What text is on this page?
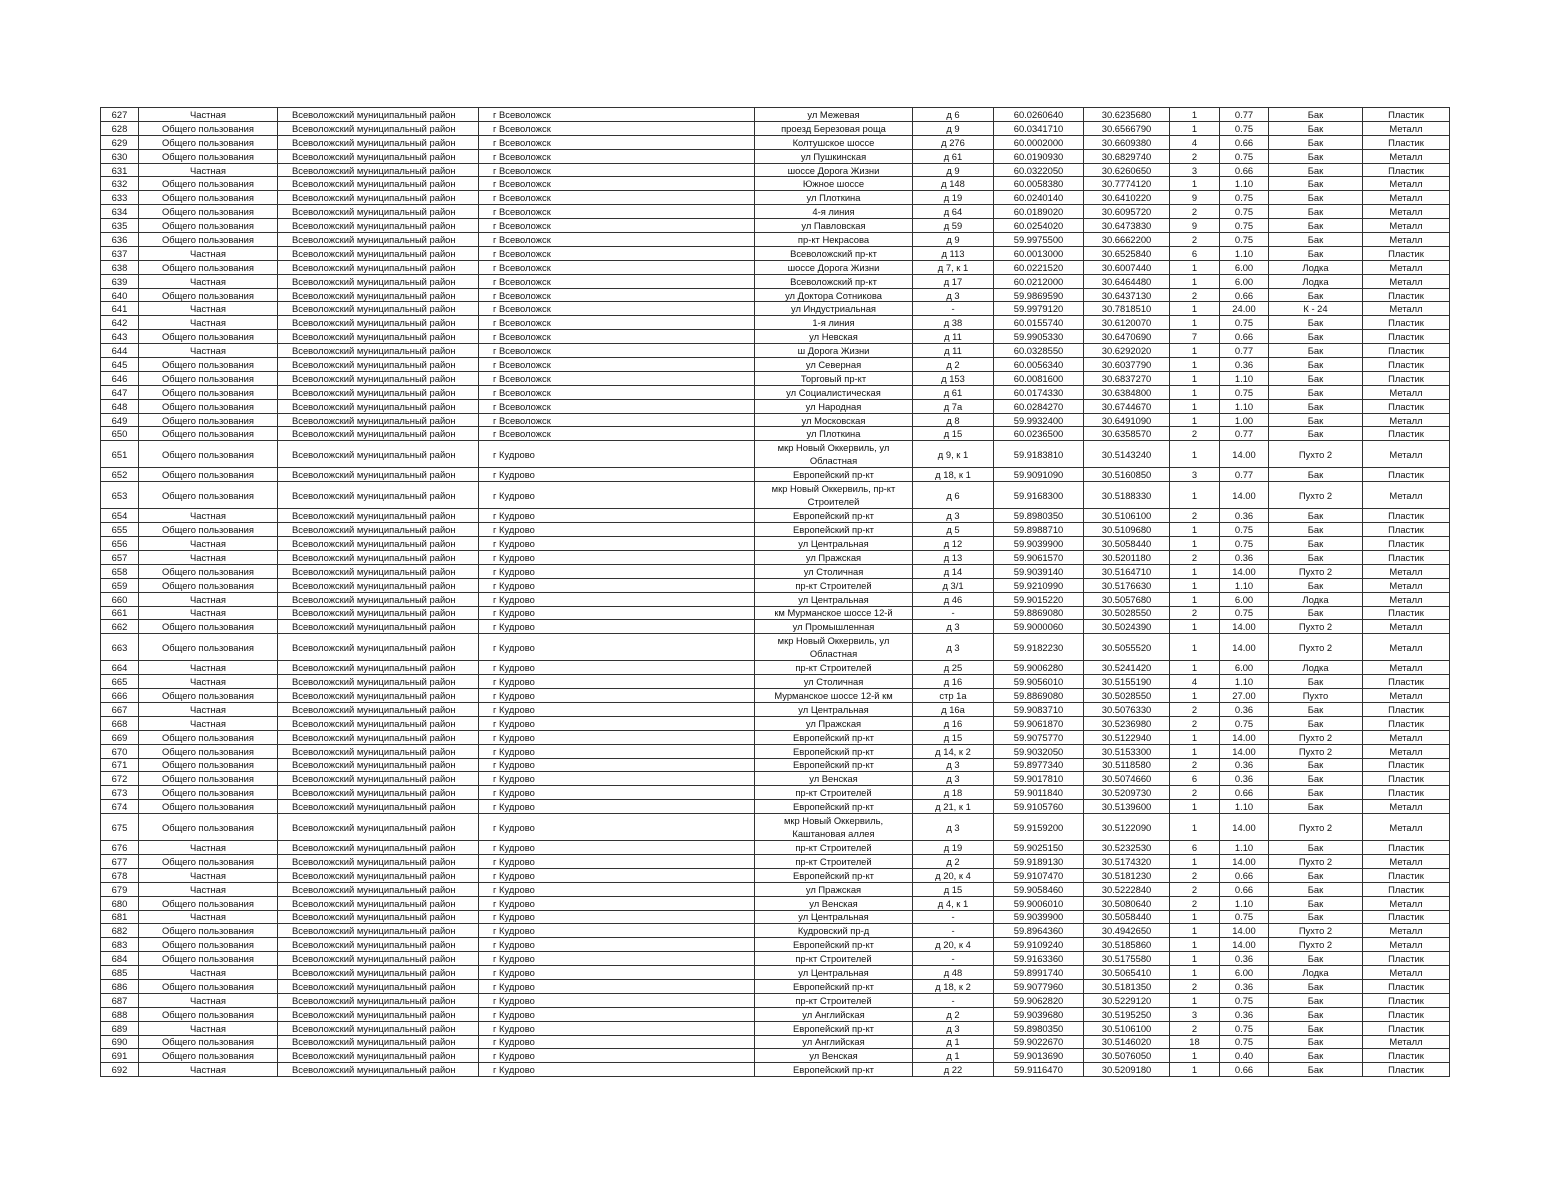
627	Частная	Всеволожский муниципальный район	г Всеволожск	ул Межевая	д 6	60.0260640	30.6235680	1	0.77	Бак	Пластик
628	Общего пользования	Всеволожский муниципальный район	г Всеволожск	проезд Березовая роща	д 9	60.0341710	30.6566790	1	0.75	Бак	Металл
629	Общего пользования	Всеволожский муниципальный район	г Всеволожск	Колтушское шоссе	д 276	60.0002000	30.6609380	4	0.66	Бак	Пластик
630	Общего пользования	Всеволожский муниципальный район	г Всеволожск	ул Пушкинская	д 61	60.0190930	30.6829740	2	0.75	Бак	Металл
631	Частная	Всеволожский муниципальный район	г Всеволожск	шоссе Дорога Жизни	д 9	60.0322050	30.6260650	3	0.66	Бак	Пластик
632	Общего пользования	Всеволожский муниципальный район	г Всеволожск	Южное шоссе	д 148	60.0058380	30.7774120	1	1.10	Бак	Металл
633	Общего пользования	Всеволожский муниципальный район	г Всеволожск	ул Плоткина	д 19	60.0240140	30.6410220	9	0.75	Бак	Металл
634	Общего пользования	Всеволожский муниципальный район	г Всеволожск	4-я линия	д 64	60.0189020	30.6095720	2	0.75	Бак	Металл
635	Общего пользования	Всеволожский муниципальный район	г Всеволожск	ул Павловская	д 59	60.0254020	30.6473830	9	0.75	Бак	Металл
636	Общего пользования	Всеволожский муниципальный район	г Всеволожск	пр-кт Некрасова	д 9	59.9975500	30.6662200	2	0.75	Бак	Металл
637	Частная	Всеволожский муниципальный район	г Всеволожск	Всеволожский пр-кт	д 113	60.0013000	30.6525840	6	1.10	Бак	Пластик
638	Общего пользования	Всеволожский муниципальный район	г Всеволожск	шоссе Дорога Жизни	д 7, к 1	60.0221520	30.6007440	1	6.00	Лодка	Металл
639	Частная	Всеволожский муниципальный район	г Всеволожск	Всеволожский пр-кт	д 17	60.0212000	30.6464480	1	6.00	Лодка	Металл
640	Общего пользования	Всеволожский муниципальный район	г Всеволожск	ул Доктора Сотникова	д 3	59.9869590	30.6437130	2	0.66	Бак	Пластик
641	Частная	Всеволожский муниципальный район	г Всеволожск	ул Индустриальная	-	59.9979120	30.7818510	1	24.00	К - 24	Металл
642	Частная	Всеволожский муниципальный район	г Всеволожск	1-я линия	д 38	60.0155740	30.6120070	1	0.75	Бак	Пластик
643	Общего пользования	Всеволожский муниципальный район	г Всеволожск	ул Невская	д 11	59.9905330	30.6470690	7	0.66	Бак	Пластик
644	Частная	Всеволожский муниципальный район	г Всеволожск	ш Дорога Жизни	д 11	60.0328550	30.6292020	1	0.77	Бак	Пластик
645	Общего пользования	Всеволожский муниципальный район	г Всеволожск	ул Северная	д 2	60.0056340	30.6037790	1	0.36	Бак	Пластик
646	Общего пользования	Всеволожский муниципальный район	г Всеволожск	Торговый пр-кт	д 153	60.0081600	30.6837270	1	1.10	Бак	Пластик
647	Общего пользования	Всеволожский муниципальный район	г Всеволожск	ул Социалистическая	д 61	60.0174330	30.6384800	1	0.75	Бак	Металл
648	Общего пользования	Всеволожский муниципальный район	г Всеволожск	ул Народная	д 7а	60.0284270	30.6744670	1	1.10	Бак	Пластик
649	Общего пользования	Всеволожский муниципальный район	г Всеволожск	ул Московская	д 8	59.9932400	30.6491090	1	1.00	Бак	Металл
650	Общего пользования	Всеволожский муниципальный район	г Всеволожск	ул Плоткина	д 15	60.0236500	30.6358570	2	0.77	Бак	Пластик
651	Общего пользования	Всеволожский муниципальный район	г Кудрово	мкр Новый Оккервиль, ул Областная	д 9, к 1	59.9183810	30.5143240	1	14.00	Пухто 2	Металл
652	Общего пользования	Всеволожский муниципальный район	г Кудрово	Европейский пр-кт	д 18, к 1	59.9091090	30.5160850	3	0.77	Бак	Пластик
653	Общего пользования	Всеволожский муниципальный район	г Кудрово	мкр Новый Оккервиль, пр-кт Строителей	д 6	59.9168300	30.5188330	1	14.00	Пухто 2	Металл
654	Частная	Всеволожский муниципальный район	г Кудрово	Европейский пр-кт	д 3	59.8980350	30.5106100	2	0.36	Бак	Пластик
655	Общего пользования	Всеволожский муниципальный район	г Кудрово	Европейский пр-кт	д 5	59.8988710	30.5109680	1	0.75	Бак	Пластик
656	Частная	Всеволожский муниципальный район	г Кудрово	ул Центральная	д 12	59.9039900	30.5058440	1	0.75	Бак	Пластик
657	Частная	Всеволожский муниципальный район	г Кудрово	ул Пражская	д 13	59.9061570	30.5201180	2	0.36	Бак	Пластик
658	Общего пользования	Всеволожский муниципальный район	г Кудрово	ул Столичная	д 14	59.9039140	30.5164710	1	14.00	Пухто 2	Металл
659	Общего пользования	Всеволожский муниципальный район	г Кудрово	пр-кт Строителей	д 3/1	59.9210990	30.5176630	1	1.10	Бак	Металл
660	Частная	Всеволожский муниципальный район	г Кудрово	ул Центральная	д 46	59.9015220	30.5057680	1	6.00	Лодка	Металл
661	Частная	Всеволожский муниципальный район	г Кудрово	км Мурманское шоссе 12-й	-	59.8869080	30.5028550	2	0.75	Бак	Пластик
662	Общего пользования	Всеволожский муниципальный район	г Кудрово	ул Промышленная	д 3	59.9000060	30.5024390	1	14.00	Пухто 2	Металл
663	Общего пользования	Всеволожский муниципальный район	г Кудрово	мкр Новый Оккервиль, ул Областная	д 3	59.9182230	30.5055520	1	14.00	Пухто 2	Металл
664	Частная	Всеволожский муниципальный район	г Кудрово	пр-кт Строителей	д 25	59.9006280	30.5241420	1	6.00	Лодка	Металл
665	Частная	Всеволожский муниципальный район	г Кудрово	ул Столичная	д 16	59.9056010	30.5155190	4	1.10	Бак	Пластик
666	Общего пользования	Всеволожский муниципальный район	г Кудрово	Мурманское шоссе 12-й км	стр 1а	59.8869080	30.5028550	1	27.00	Пухто	Металл
667	Частная	Всеволожский муниципальный район	г Кудрово	ул Центральная	д 16а	59.9083710	30.5076330	2	0.36	Бак	Пластик
668	Частная	Всеволожский муниципальный район	г Кудрово	ул Пражская	д 16	59.9061870	30.5236980	2	0.75	Бак	Пластик
669	Общего пользования	Всеволожский муниципальный район	г Кудрово	Европейский пр-кт	д 15	59.9075770	30.5122940	1	14.00	Пухто 2	Металл
670	Общего пользования	Всеволожский муниципальный район	г Кудрово	Европейский пр-кт	д 14, к 2	59.9032050	30.5153300	1	14.00	Пухто 2	Металл
671	Общего пользования	Всеволожский муниципальный район	г Кудрово	Европейский пр-кт	д 3	59.8977340	30.5118580	2	0.36	Бак	Пластик
672	Общего пользования	Всеволожский муниципальный район	г Кудрово	ул Венская	д 3	59.9017810	30.5074660	6	0.36	Бак	Пластик
673	Общего пользования	Всеволожский муниципальный район	г Кудрово	пр-кт Строителей	д 18	59.9011840	30.5209730	2	0.66	Бак	Пластик
674	Общего пользования	Всеволожский муниципальный район	г Кудрово	Европейский пр-кт	д 21, к 1	59.9105760	30.5139600	1	1.10	Бак	Металл
675	Общего пользования	Всеволожский муниципальный район	г Кудрово	мкр Новый Оккервиль, Каштановая аллея	д 3	59.9159200	30.5122090	1	14.00	Пухто 2	Металл
676	Частная	Всеволожский муниципальный район	г Кудрово	пр-кт Строителей	д 19	59.9025150	30.5232530	6	1.10	Бак	Пластик
677	Общего пользования	Всеволожский муниципальный район	г Кудрово	пр-кт Строителей	д 2	59.9189130	30.5174320	1	14.00	Пухто 2	Металл
678	Частная	Всеволожский муниципальный район	г Кудрово	Европейский пр-кт	д 20, к 4	59.9107470	30.5181230	2	0.66	Бак	Пластик
679	Частная	Всеволожский муниципальный район	г Кудрово	ул Пражская	д 15	59.9058460	30.5222840	2	0.66	Бак	Пластик
680	Общего пользования	Всеволожский муниципальный район	г Кудрово	ул Венская	д 4, к 1	59.9006010	30.5080640	2	1.10	Бак	Металл
681	Частная	Всеволожский муниципальный район	г Кудрово	ул Центральная	-	59.9039900	30.5058440	1	0.75	Бак	Пластик
682	Общего пользования	Всеволожский муниципальный район	г Кудрово	Кудровский пр-д	-	59.8964360	30.4942650	1	14.00	Пухто 2	Металл
683	Общего пользования	Всеволожский муниципальный район	г Кудрово	Европейский пр-кт	д 20, к 4	59.9109240	30.5185860	1	14.00	Пухто 2	Металл
684	Общего пользования	Всеволожский муниципальный район	г Кудрово	пр-кт Строителей	-	59.9163360	30.5175580	1	0.36	Бак	Пластик
685	Частная	Всеволожский муниципальный район	г Кудрово	ул Центральная	д 48	59.8991740	30.5065410	1	6.00	Лодка	Металл
686	Общего пользования	Всеволожский муниципальный район	г Кудрово	Европейский пр-кт	д 18, к 2	59.9077960	30.5181350	2	0.36	Бак	Пластик
687	Частная	Всеволожский муниципальный район	г Кудрово	пр-кт Строителей	-	59.9062820	30.5229120	1	0.75	Бак	Пластик
688	Общего пользования	Всеволожский муниципальный район	г Кудрово	ул Английская	д 2	59.9039680	30.5195250	3	0.36	Бак	Пластик
689	Частная	Всеволожский муниципальный район	г Кудрово	Европейский пр-кт	д 3	59.8980350	30.5106100	2	0.75	Бак	Пластик
690	Общего пользования	Всеволожский муниципальный район	г Кудрово	ул Английская	д 1	59.9022670	30.5146020	18	0.75	Бак	Металл
691	Общего пользования	Всеволожский муниципальный район	г Кудрово	ул Венская	д 1	59.9013690	30.5076050	1	0.40	Бак	Пластик
692	Частная	Всеволожский муниципальный район	г Кудрово	Европейский пр-кт	д 22	59.9116470	30.5209180	1	0.66	Бак	Пластик
